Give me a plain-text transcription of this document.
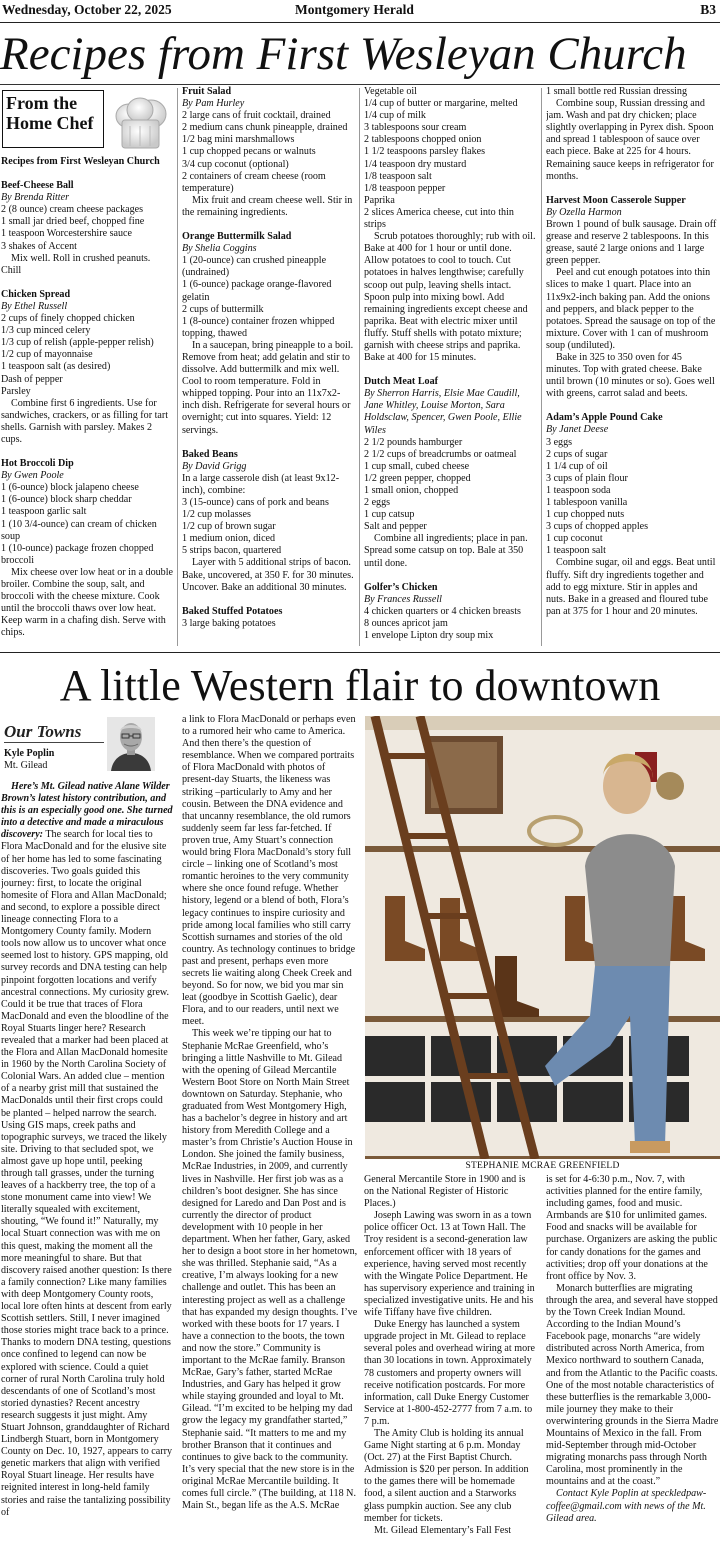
Wednesday, October 22, 2025	Montgomery Herald	B3
Recipes from First Wesleyan Church
From the
Home Chef

Recipes from First Wesleyan Church

Beef-Cheese Ball

By Brenda Ritter

2 (8 ounce) cream cheese packages

1 small jar dried beef, chopped fine

1 teaspoon Worcestershire sauce

3 shakes of Accent

Mix well. Roll in crushed peanuts. Chill

Chicken Spread

By Ethel Russell

2 cups of finely chopped chicken

1/3 cup minced celery

1/3 cup of relish (apple-pepper relish)

1/2 cup of mayonnaise

1 teaspoon salt (as desired)

Dash of pepper

Parsley

Combine first 6 ingredients. Use for sandwiches, crackers, or as filling for tart shells. Garnish with parsley. Makes 2 cups.

Hot Broccoli Dip

By Gwen Poole

1 (6-ounce) block jalapeno cheese

1 (6-ounce) block sharp cheddar

1 teaspoon garlic salt

1 (10 3/4-ounce) can cream of chicken soup

1 (10-ounce) package frozen chopped broccoli

Mix cheese over low heat or in a double broiler. Combine the soup, salt, and broccoli with the cheese mixture. Cook until the broccoli thaws over low heat. Keep warm in a chafing dish. Serve with chips.

Fruit Salad

By Pam Hurley

2 large cans of fruit cocktail, drained

2 medium cans chunk pineapple, drained

1/2 bag mini marshmallows

1 cup chopped pecans or walnuts

3/4 cup coconut (optional)

2 containers of cream cheese (room temperature)

Mix fruit and cream cheese well. Stir in the remaining ingredients.

Orange Buttermilk Salad

By Shelia Coggins

1 (20-ounce) can crushed pineapple (undrained)

1 (6-ounce) package orange-flavored gelatin

2 cups of buttermilk

1 (8-ounce) container frozen whipped topping, thawed

In a saucepan, bring pineapple to a boil. Remove from heat; add gelatin and stir to dissolve. Add buttermilk and mix well. Cool to room temperature. Fold in whipped topping. Pour into an 11x7x2-inch dish. Refrigerate for several hours or overnight; cut into squares. Yield: 12 servings.

Baked Beans

By David Grigg

In a large casserole dish (at least 9x12-inch), combine:

3 (15-ounce) cans of pork and beans

1/2 cup molasses

1/2 cup of brown sugar

1 medium onion, diced

5 strips bacon, quartered

Layer with 5 additional strips of bacon. Bake, uncovered, at 350 F. for 30 minutes. Uncover. Bake an additional 30 minutes.

Baked Stuffed Potatoes

3 large baking potatoes

Vegetable oil

1/4 cup of butter or margarine, melted

1/4 cup of milk

3 tablespoons sour cream

2 tablespoons chopped onion

1 1/2 teaspoons parsley flakes

1/4 teaspoon dry mustard

1/8 teaspoon salt

1/8 teaspoon pepper

Paprika

2 slices America cheese, cut into thin strips

Scrub potatoes thoroughly; rub with oil. Bake at 400 for 1 hour or until done. Allow potatoes to cool to touch. Cut potatoes in halves lengthwise; carefully scoop out pulp, leaving shells intact. Spoon pulp into mixing bowl. Add remaining ingredients except cheese and paprika. Beat with electric mixer until fluffy. Stuff shells with potato mixture; garnish with cheese strips and paprika. Bake at 400 for 15 minutes.

Dutch Meat Loaf

By Sherron Harris, Elsie Mae Caudill, Jane Whitley, Louise Morton, Sara Holdsclaw, Spencer, Gwen Poole, Ellie Wiles

2 1/2 pounds hamburger

2 1/2 cups of breadcrumbs or oatmeal

1 cup small, cubed cheese

1/2 green pepper, chopped

1 small onion, chopped

2 eggs

1 cup catsup

Salt and pepper

Combine all ingredients; place in pan. Spread some catsup on top. Bale at 350 until done.

Golfer’s Chicken

By Frances Russell

4 chicken quarters or 4 chicken breasts

8 ounces apricot jam

1 envelope Lipton dry soup mix

1 small bottle red Russian dressing

Combine soup, Russian dressing and jam. Wash and pat dry chicken; place slightly overlapping in Pyrex dish. Spoon and spread 1 tablespoon of sauce over each piece. Bake at 225 for 4 hours. Remaining sauce keeps in refrigerator for months.

Harvest Moon Casserole Supper

By Ozella Harmon

Brown 1 pound of bulk sausage. Drain off grease and reserve 2 tablespoons. In this grease, sauté 2 large onions and 1 large green pepper.

Peel and cut enough potatoes into thin slices to make 1 quart. Place into an 11x9x2-inch baking pan. Add the onions and peppers, and black pepper to the potatoes. Spread the sausage on top of the mixture. Cover with 1 can of mushroom soup (undiluted).

Bake in 325 to 350 oven for 45 minutes. Top with grated cheese. Bake until brown (10 minutes or so). Goes well with greens, carrot salad and beets.

Adam’s Apple Pound Cake

By Janet Deese

3 eggs

2 cups of sugar

1 1/4 cup of oil

3 cups of plain flour

1 teaspoon soda

1 tablespoon vanilla

1 cup chopped nuts

3 cups of chopped apples

1 cup coconut

1 teaspoon salt

Combine sugar, oil and eggs. Beat until fluffy. Sift dry ingredients together and add to egg mixture. Stir in apples and nuts. Bake in a greased and floured tube pan at 375 for 1 hour and 20 minutes.

A little Western flair to downtown
Our Towns
Kyle Poplin
Mt. Gilead

Here’s Mt. Gilead native Alane Wilder Brown’s latest history contribution, and this is an especially good one. She turned into a detective and made a miraculous discovery: The search for local ties to Flora MacDonald and for the elusive site of her home has led to some fascinating discoveries. Two goals guided this journey: first, to locate the original homesite of Flora and Allan MacDonald; and second, to explore a possible direct lineage connecting Flora to a Montgomery County family. Modern tools now allow us to uncover what once seemed lost to history. GPS mapping, old survey records and DNA testing can help pinpoint forgotten locations and verify ancestral connections. My curiosity grew. Could it be true that traces of Flora MacDonald and even the bloodline of the Royal Stuarts linger here? Research revealed that a marker had been placed at the Flora and Allan MacDonald homesite in 1960 by the North Carolina Society of Colonial Wars. An added clue – mention of a nearby grist mill that sustained the MacDonalds until their first crops could be planted – helped narrow the search. Using GIS maps, creek paths and topographic surveys, we traced the likely site. Driving to that secluded spot, we almost gave up hope until, peeking through tall grasses, under the turning leaves of a hackberry tree, the top of a stone monument came into view! We literally squealed with excitement, shouting, “We found it!” Naturally, my local Stuart connection was with me on this quest, making the moment all the more meaningful to share. But that discovery raised another question: Is there a family connection? Like many families with deep Montgomery County roots, local lore often hints at descent from early Scottish settlers. Still, I never imagined those stories might trace back to a prince. Thanks to modern DNA testing, questions once confined to legend can now be explored with science. Could a quiet corner of rural North Carolina truly hold descendants of one of Scotland’s most storied dynasties? Recent ancestry research suggests it just might. Amy Stuart Johnson, granddaughter of Richard Lindbergh Stuart, born in Montgomery County on Dec. 10, 1927, appears to carry genetic markers that align with verified Royal Stuart lineage. Her results have reignited interest in long-held family stories and raise the tantalizing possibility of

a link to Flora MacDonald or perhaps even to a rumored heir who came to America. And then there’s the question of resemblance. When we compared portraits of Flora MacDonald with photos of present-day Stuarts, the likeness was striking –particularly to Amy and her cousin. Between the DNA evidence and that uncanny resemblance, the old rumors suddenly seem far less far-fetched. If proven true, Amy Stuart’s connection would bring Flora MacDonald’s story full circle – linking one of Scotland’s most romantic heroines to the very community where she once found refuge. Whether history, legend or a blend of both, Flora’s legacy continues to inspire curiosity and pride among local families who still carry Scottish surnames and stories of the old country. As technology continues to bridge past and present, perhaps even more secrets lie waiting along Cheek Creek and beyond. So for now, we bid you mar sin leat (goodbye in Scottish Gaelic), dear Flora, and to our readers, until next we meet.

This week we’re tipping our hat to Stephanie McRae Greenfield, who’s bringing a little Nashville to Mt. Gilead with the opening of Gilead Mercantile Western Boot Store on North Main Street downtown on Saturday. Stephanie, who graduated from West Montgomery High, has a bachelor’s degree in history and art history from Meredith College and a master’s from Christie’s Auction House in London. She joined the family business, McRae Industries, in 2009, and currently lives in Nashville. Her first job was as a children’s boot designer. She has since designed for Laredo and Dan Post and is currently the director of product development with 10 people in her department. When her father, Gary, asked her to design a boot store in her hometown, she was thrilled. Stephanie said, “As a creative, I’m always looking for a new challenge and outlet. This has been an interesting project as well as a challenge that has expanded my design thoughts. I’ve worked with these boots for 17 years. I have a connection to the boots, the town and now the store.” Community is important to the McRae family. Branson McRae, Gary’s father, started McRae Industries, and Gary has helped it grow while staying grounded and loyal to Mt. Gilead. “I’m excited to be helping my dad grow the legacy my grandfather started,” Stephanie said. “It matters to me and my brother Branson that it continues and continues to give back to the community. It’s very special that the new store is in the original McRae Mercantile building. It comes full circle.” (The building, at 118 N. Main St., began life as the A.S. McRae

STEPHANIE MCRAE GREENFIELD

General Mercantile Store in 1900 and is on the National Register of Historic Places.)

Joseph Lawing was sworn in as a town police officer Oct. 13 at Town Hall. The Troy resident is a second-generation law enforcement officer with 18 years of experience, having served most recently with the Wingate Police Department. He has supervisory experience and training in specialized investigative units. He and his wife Tiffany have five children.

Duke Energy has launched a system upgrade project in Mt. Gilead to replace several poles and overhead wiring at more than 30 locations in town. Approximately 78 customers and property owners will receive notification postcards. For more information, call Duke Energy Customer Service at 1-800-452-2777 from 7 a.m. to 7 p.m.

The Amity Club is holding its annual Game Night starting at 6 p.m. Monday (Oct. 27) at the First Baptist Church. Admission is $20 per person. In addition to the games there will be homemade food, a silent auction and a Starworks glass pumpkin auction. See any club member for tickets.

Mt. Gilead Elementary’s Fall Fest

is set for 4-6:30 p.m., Nov. 7, with activities planned for the entire family, including games, food and music. Armbands are $10 for unlimited games. Food and snacks will be available for purchase. Organizers are asking the public for candy donations for the games and activities; drop off your donations at the front office by Nov. 3.

Monarch butterflies are migrating through the area, and several have stopped by the Town Creek Indian Mound. According to the Indian Mound’s Facebook page, monarchs “are widely distributed across North America, from Mexico northward to southern Canada, and from the Atlantic to the Pacific coasts. One of the most notable characteristics of these butterflies is the remarkable 3,000-mile journey they make to their overwintering grounds in the Sierra Madre Mountains of Mexico in the fall. From mid-September through mid-October migrating monarchs pass through North Carolina, most prominently in the mountains and at the coast.”

Contact Kyle Poplin at speckledpaw-coffee@gmail.com with news of the Mt. Gilead area.
